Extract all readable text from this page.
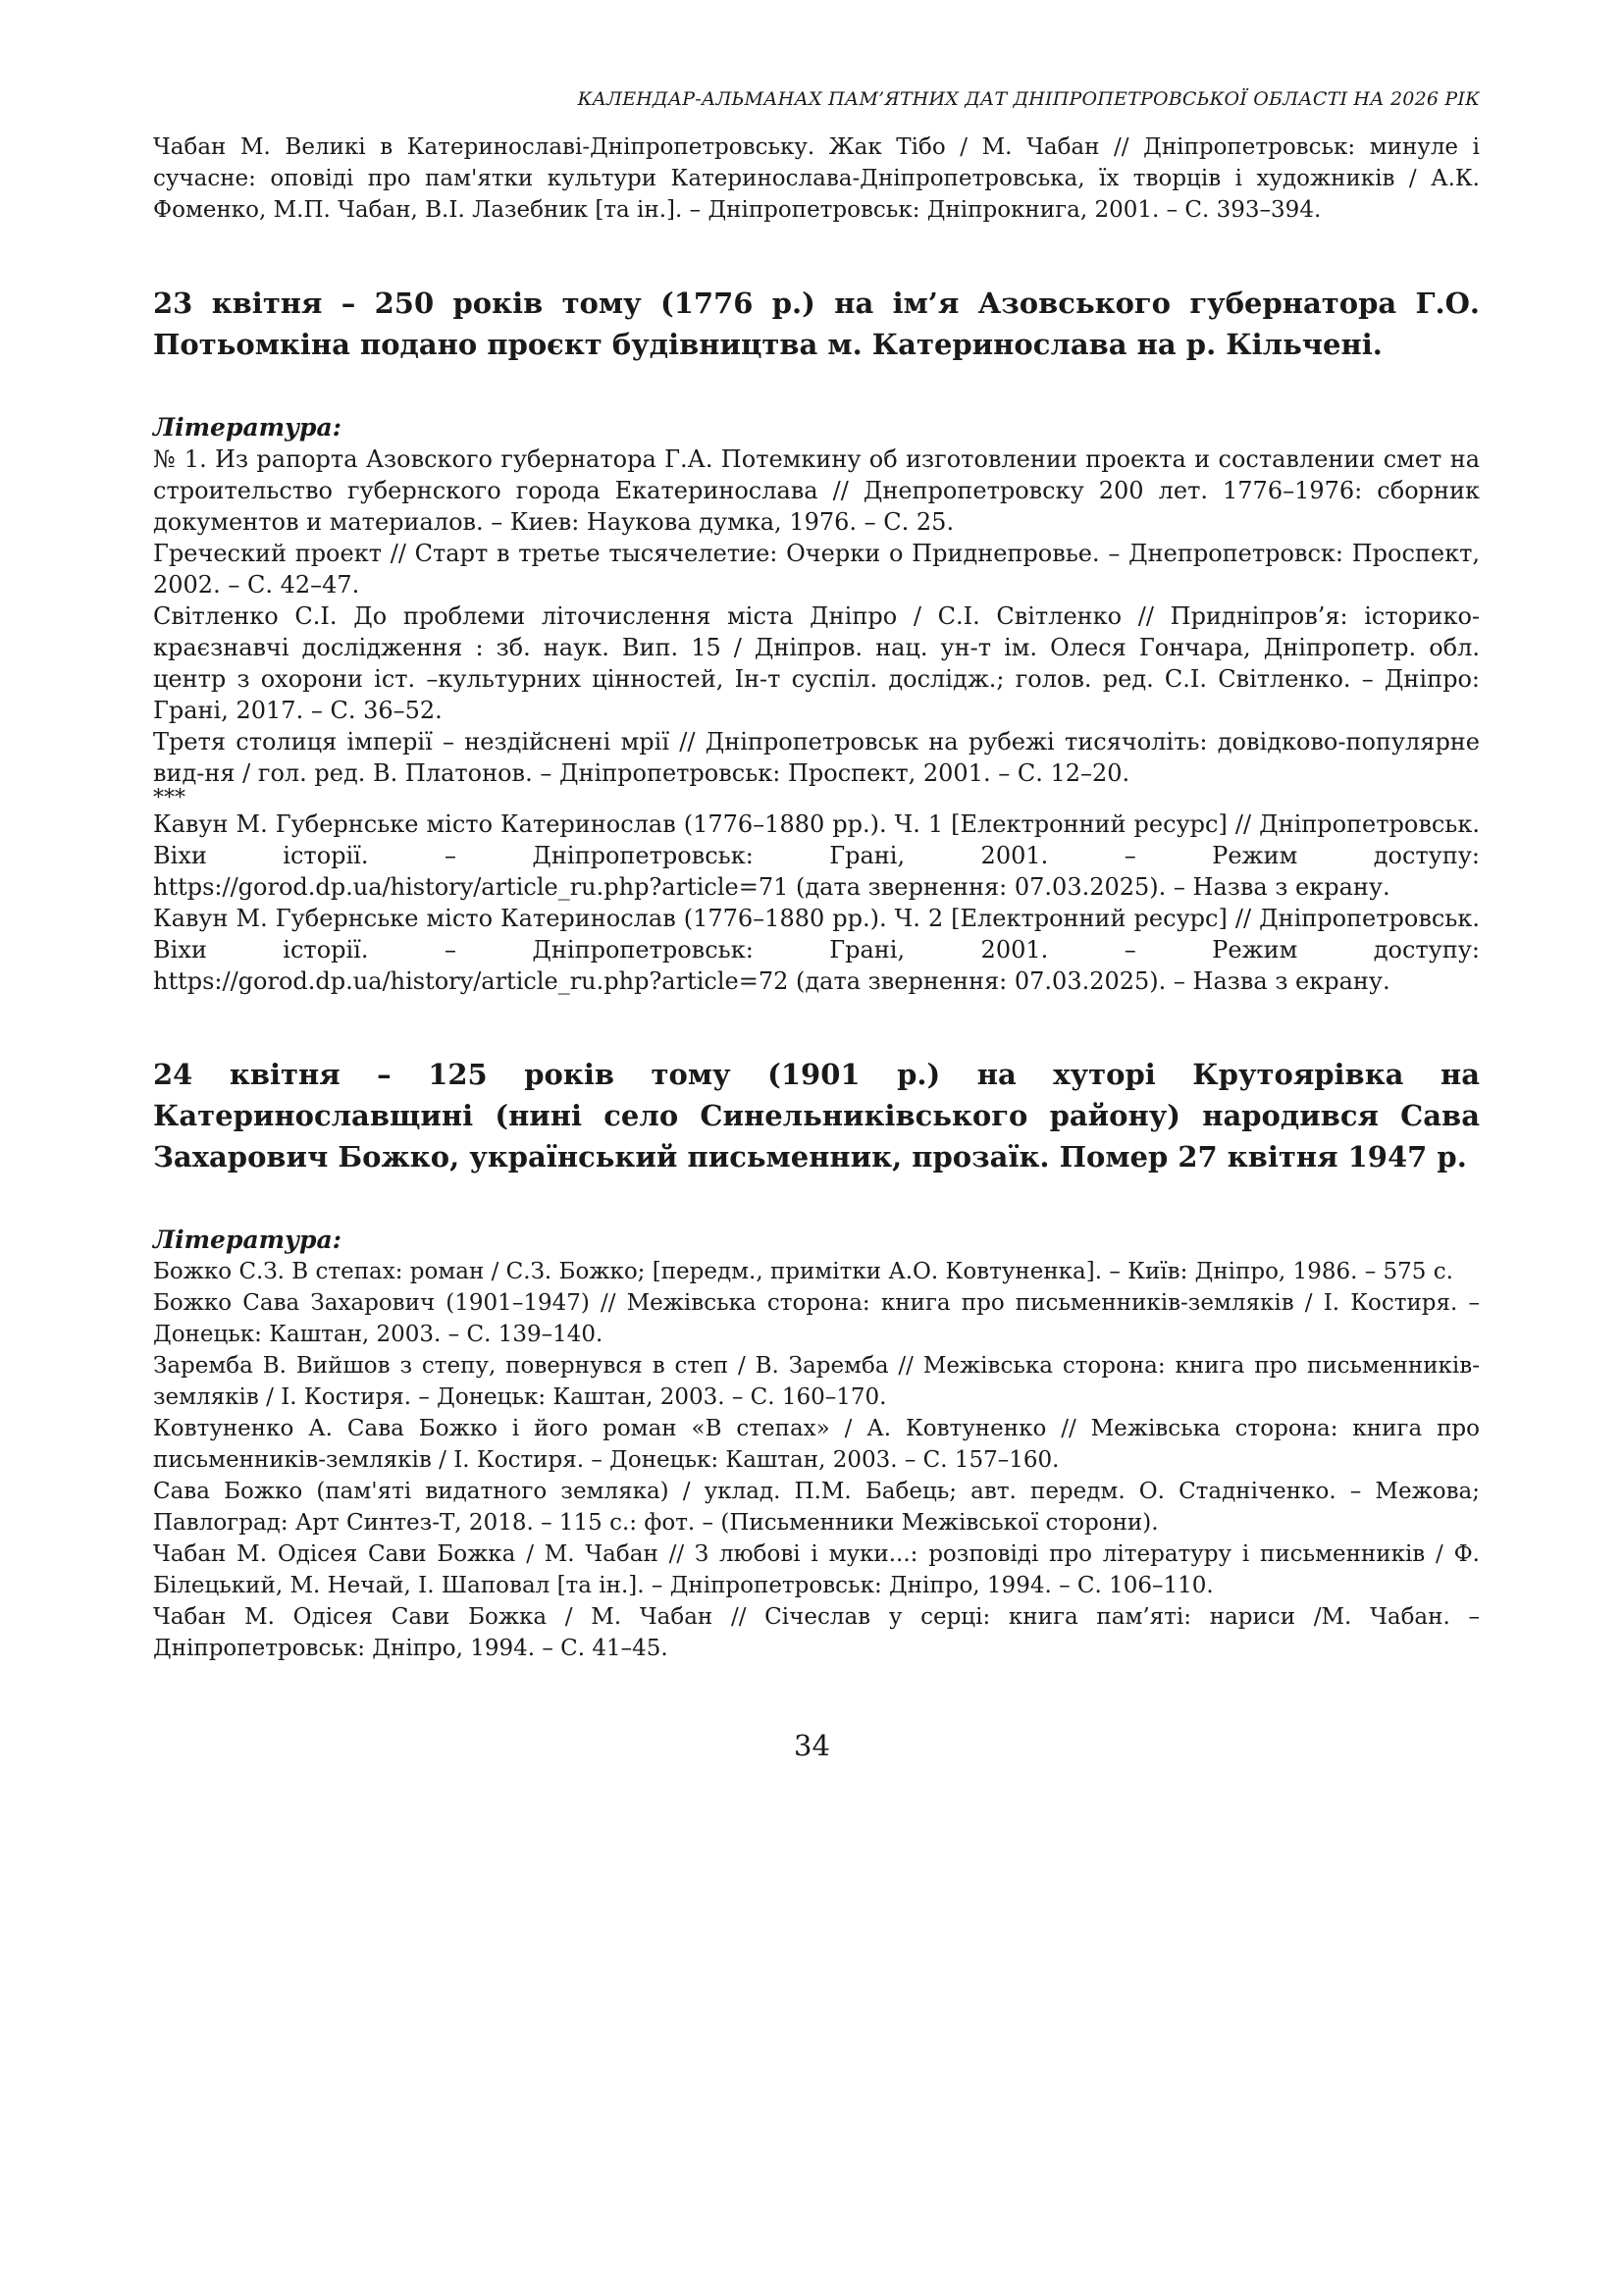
КАЛЕНДАР-АЛЬМАНАХ ПАМ’ЯТНИХ ДАТ ДНІПРОПЕТРОВСЬКОЇ ОБЛАСТІ НА 2026 РІК

Чабан М. Великі в Катеринославі-Дніпропетровську. Жак Тібо / М. Чабан // Дніпропетровськ: минуле і сучасне: оповіді про пам'ятки культури Катеринослава-Дніпропетровська, їх творців і художників / А.К. Фоменко, М.П. Чабан, В.І. Лазебник [та ін.]. – Дніпропетровськ: Дніпрокнига, 2001. – С. 393–394.

23 квітня – 250 років тому (1776 р.) на ім’я Азовського губернатора Г.О. Потьомкіна подано проєкт будівництва м. Катеринослава на р. Кільчені.

Література:

№ 1. Из рапорта Азовского губернатора Г.А. Потемкину об изготовлении проекта и составлении смет на строительство губернского города Екатеринослава // Днепропетровску 200 лет. 1776–1976: сборник документов и материалов. – Киев: Наукова думка, 1976. – С. 25.

Греческий проект // Старт в третье тысячелетие: Очерки о Приднепровье. – Днепропетровск: Проспект, 2002. – С. 42–47.

Світленко С.І. До проблеми літочислення міста Дніпро / С.І. Світленко // Придніпров’я: історико-краєзнавчі дослідження : зб. наук. Вип. 15 / Дніпров. нац. ун-т ім. Олеся Гончара, Дніпропетр. обл. центр з охорони іст. –культурних цінностей, Ін-т суспіл. дослідж.; голов. ред. С.І. Світленко. – Дніпро: Грані, 2017. – С. 36–52.

Третя столиця імперії – нездійснені мрії // Дніпропетровськ на рубежі тисячоліть: довідково-популярне вид-ня / гол. ред. В. Платонов. – Дніпропетровськ: Проспект, 2001. – С. 12–20.

***

Кавун М. Губернське місто Катеринослав (1776–1880 рр.). Ч. 1 [Електронний ресурс] // Дніпропетровськ.

Віхи історії. – Дніпропетровськ: Грані, 2001. – Режим доступу:

https://gorod.dp.ua/history/article_ru.php?article=71 (дата звернення: 07.03.2025). – Назва з екрану.

Кавун М. Губернське місто Катеринослав (1776–1880 рр.). Ч. 2 [Електронний ресурс] // Дніпропетровськ.

Віхи історії. – Дніпропетровськ: Грані, 2001. – Режим доступу:

https://gorod.dp.ua/history/article_ru.php?article=72 (дата звернення: 07.03.2025). – Назва з екрану.

24 квітня – 125 років тому (1901 р.) на хуторі Крутоярівка на Катеринославщині (нині село Синельниківського району) народився Сава Захарович Божко, український письменник, прозаїк. Помер 27 квітня 1947 р.

Література:

Божко С.З. В степах: роман / С.З. Божко; [передм., примітки А.О. Ковтуненка]. – Київ: Дніпро, 1986. – 575 с.

Божко Сава Захарович (1901–1947) // Межівська сторона: книга про письменників-земляків / І. Костиря. – Донецьк: Каштан, 2003. – С. 139–140.

Заремба В. Вийшов з степу, повернувся в степ / В. Заремба // Межівська сторона: книга про письменників-земляків / І. Костиря. – Донецьк: Каштан, 2003. – С. 160–170.

Ковтуненко А. Сава Божко і його роман «В степах» / А. Ковтуненко // Межівська сторона: книга про письменників-земляків / І. Костиря. – Донецьк: Каштан, 2003. – С. 157–160.

Сава Божко (пам'яті видатного земляка) / уклад. П.М. Бабець; авт. передм. О. Стадніченко. – Межова; Павлоград: Арт Синтез-Т, 2018. – 115 с.: фот. – (Письменники Межівської сторони).

Чабан М. Одісея Сави Божка / М. Чабан // З любові і муки...: розповіді про літературу і письменників / Ф. Білецький, М. Нечай, І. Шаповал [та ін.]. – Дніпропетровськ: Дніпро, 1994. – С. 106–110.

Чабан М. Одісея Сави Божка / М. Чабан // Січеслав у серці: книга пам’яті: нариси /М. Чабан. – Дніпропетровськ: Дніпро, 1994. – С. 41–45.

34
